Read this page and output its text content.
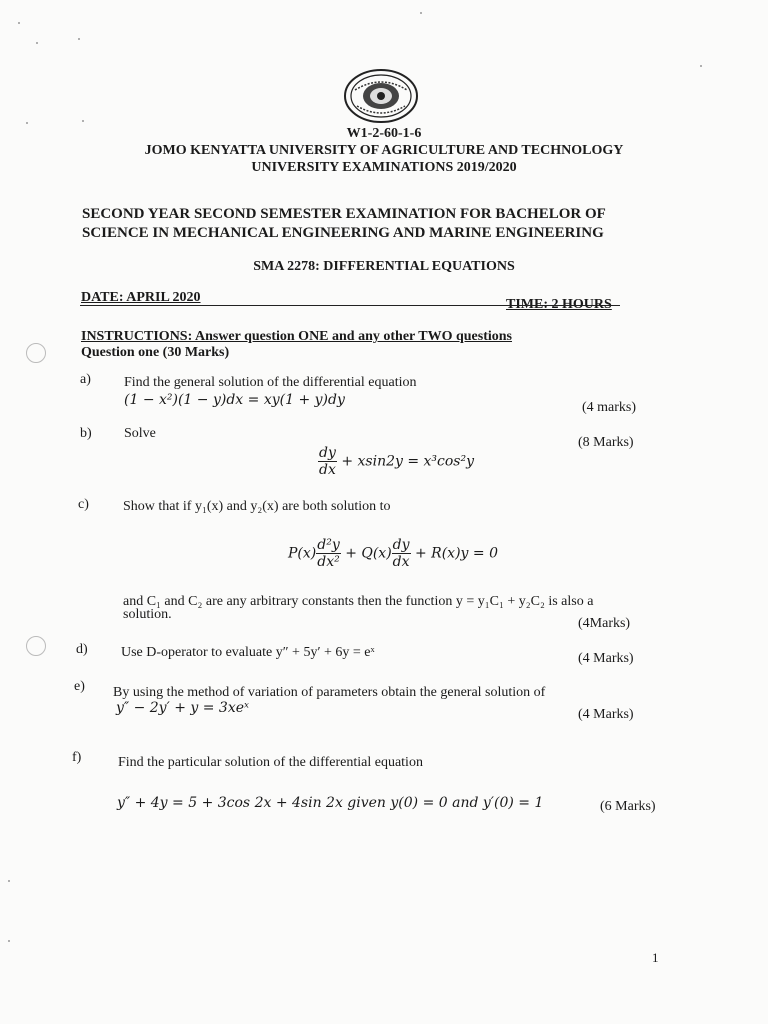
W1-2-60-1-6
JOMO KENYATTA UNIVERSITY OF AGRICULTURE AND TECHNOLOGY
UNIVERSITY EXAMINATIONS 2019/2020
SECOND YEAR SECOND SEMESTER EXAMINATION FOR BACHELOR OF
SCIENCE IN MECHANICAL ENGINEERING AND MARINE ENGINEERING
SMA 2278: DIFFERENTIAL EQUATIONS
DATE: APRIL 2020	TIME: 2 HOURS
INSTRUCTIONS: Answer question ONE and any other TWO questions
Question one (30 Marks)
a) Find the general solution of the differential equation
(1 − x²)(1 − y)dx = xy(1 + y)dy	(4 marks)
b) Solve
(8 Marks)
$\frac{dy}{dx} + xsin2y = x^3\cos^2y$
c) Show that if y₁(x) and y₂(x) are both solution to
$P(x) \frac{\text{d²y}}{\text{dx²}} + Q(x) \frac{dy}{dx} + R(x)y = 0$
and C₁ and C₂ are any arbitrary constants then the function y = y₁C₁ + y₂C₂ is also a
solution.
(4Marks)
d) Use D-operator to evaluate y″ + 5y′ + 6y = eˣ	(4 Marks)
e) By using the method of variation of parameters obtain the general solution of
y″ − 2y′ + y = 3xeˣ	(4 Marks)
f)	Find the particular solution of the differential equation
y″ + 4y = 5 + 3cos 2x + 4sin 2x given y(0) = 0 and y′(0) = 1	(6 Marks)
1
